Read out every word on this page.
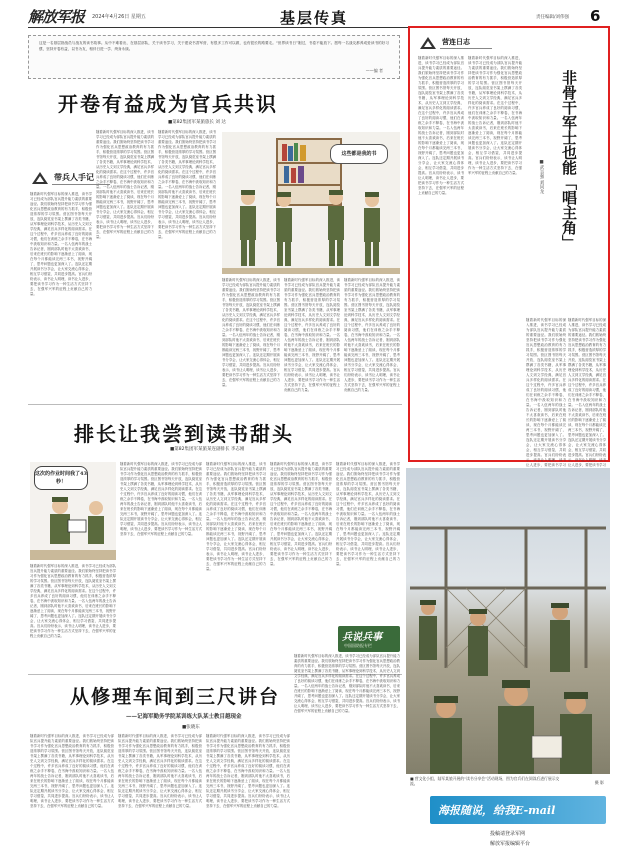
解放军报 2024年4月26日 星期五	基层传真	责任编辑/刘伟强 6
这是一名基层指战员与战友的读书故事。从中不难看出，在基层部队，关于读书学习，关于建设书香军营，有很多工作可以做，也有很长的路要走。“世界读书日”刚过，书卷不能放下。愿每一名战友都养成爱读书的好习惯，坚持开卷有益，以书为友，相伴日进一学、终身永续。
——编 者
开卷有益成为官兵共识
■第82集团军某旅旅长 刘 达
带兵人手记
随着新时代强军目标的深入推进，读书学习已经成为部队官兵提升能力素质的重要途径。我们旅始终坚持把读书学习作为强化官兵思想政治教育的有力抓手，积极营造浓厚的学习氛围。营区图书馆每天开放，连队阅览室书架上摆满了各类书籍，从军事理论到科学技术，从历史人文到文学经典，满足官兵多样化的阅读需求。在这个过程中，许多官兵养成了良好的阅读习惯，他们在训练之余手不释卷，在书海中汲取知识和力量。一名入伍两年的战士告诉记者，刚到部队时他不太喜欢读书，后来在班长的影响下逐渐爱上了阅读，现在每个月都能读完两三本书，视野开阔了，思考问题也更加深入了。连队还定期开展读书分享会，让大家交流心得体会，相互学习借鉴，共同进步提高。官兵们纷纷表示，读书让人明理，读书让人进步，要把读书学习作为一种生活方式坚持下去，在强军兴军的征程上贡献自己的力量。
随着新时代强军目标的深入推进，读书学习已经成为部队官兵提升能力素质的重要途径。我们旅始终坚持把读书学习作为强化官兵思想政治教育的有力抓手，积极营造浓厚的学习氛围。营区图书馆每天开放，连队阅览室书架上摆满了各类书籍，从军事理论到科学技术，从历史人文到文学经典，满足官兵多样化的阅读需求。在这个过程中，许多官兵养成了良好的阅读习惯，他们在训练之余手不释卷，在书海中汲取知识和力量。一名入伍两年的战士告诉记者，刚到部队时他不太喜欢读书，后来在班长的影响下逐渐爱上了阅读，现在每个月都能读完两三本书，视野开阔了，思考问题也更加深入了。连队还定期开展读书分享会，让大家交流心得体会，相互学习借鉴，共同进步提高。官兵们纷纷表示，读书让人明理，读书让人进步，要把读书学习作为一种生活方式坚持下去，在强军兴军的征程上贡献自己的力量。
随着新时代强军目标的深入推进，读书学习已经成为部队官兵提升能力素质的重要途径。我们旅始终坚持把读书学习作为强化官兵思想政治教育的有力抓手，积极营造浓厚的学习氛围。营区图书馆每天开放，连队阅览室书架上摆满了各类书籍，从军事理论到科学技术，从历史人文到文学经典，满足官兵多样化的阅读需求。在这个过程中，许多官兵养成了良好的阅读习惯，他们在训练之余手不释卷，在书海中汲取知识和力量。一名入伍两年的战士告诉记者，刚到部队时他不太喜欢读书，后来在班长的影响下逐渐爱上了阅读，现在每个月都能读完两三本书，视野开阔了，思考问题也更加深入了。连队还定期开展读书分享会，让大家交流心得体会，相互学习借鉴，共同进步提高。官兵们纷纷表示，读书让人明理，读书让人进步，要把读书学习作为一种生活方式坚持下去，在强军兴军的征程上贡献自己的力量。
随着新时代强军目标的深入推进，读书学习已经成为部队官兵提升能力素质的重要途径。我们旅始终坚持把读书学习作为强化官兵思想政治教育的有力抓手，积极营造浓厚的学习氛围。营区图书馆每天开放，连队阅览室书架上摆满了各类书籍，从军事理论到科学技术，从历史人文到文学经典，满足官兵多样化的阅读需求。在这个过程中，许多官兵养成了良好的阅读习惯，他们在训练之余手不释卷，在书海中汲取知识和力量。一名入伍两年的战士告诉记者，刚到部队时他不太喜欢读书，后来在班长的影响下逐渐爱上了阅读，现在每个月都能读完两三本书，视野开阔了，思考问题也更加深入了。连队还定期开展读书分享会，让大家交流心得体会，相互学习借鉴，共同进步提高。官兵们纷纷表示，读书让人明理，读书让人进步，要把读书学习作为一种生活方式坚持下去，在强军兴军的征程上贡献自己的力量。
随着新时代强军目标的深入推进，读书学习已经成为部队官兵提升能力素质的重要途径。我们旅始终坚持把读书学习作为强化官兵思想政治教育的有力抓手，积极营造浓厚的学习氛围。营区图书馆每天开放，连队阅览室书架上摆满了各类书籍，从军事理论到科学技术，从历史人文到文学经典，满足官兵多样化的阅读需求。在这个过程中，许多官兵养成了良好的阅读习惯，他们在训练之余手不释卷，在书海中汲取知识和力量。一名入伍两年的战士告诉记者，刚到部队时他不太喜欢读书，后来在班长的影响下逐渐爱上了阅读，现在每个月都能读完两三本书，视野开阔了，思考问题也更加深入了。连队还定期开展读书分享会，让大家交流心得体会，相互学习借鉴，共同进步提高。官兵们纷纷表示，读书让人明理，读书让人进步，要把读书学习作为一种生活方式坚持下去，在强军兴军的征程上贡献自己的力量。
随着新时代强军目标的深入推进，读书学习已经成为部队官兵提升能力素质的重要途径。我们旅始终坚持把读书学习作为强化官兵思想政治教育的有力抓手，积极营造浓厚的学习氛围。营区图书馆每天开放，连队阅览室书架上摆满了各类书籍，从军事理论到科学技术，从历史人文到文学经典，满足官兵多样化的阅读需求。在这个过程中，许多官兵养成了良好的阅读习惯，他们在训练之余手不释卷，在书海中汲取知识和力量。一名入伍两年的战士告诉记者，刚到部队时他不太喜欢读书，后来在班长的影响下逐渐爱上了阅读，现在每个月都能读完两三本书，视野开阔了，思考问题也更加深入了。连队还定期开展读书分享会，让大家交流心得体会，相互学习借鉴，共同进步提高。官兵们纷纷表示，读书让人明理，读书让人进步，要把读书学习作为一种生活方式坚持下去，在强军兴军的征程上贡献自己的力量。
这些都是我的书
排长让我尝到读书甜头
■第82集团军某旅某连副排长 李志刚
这次的作业时间我了43秒！
随着新时代强军目标的深入推进，读书学习已经成为部队官兵提升能力素质的重要途径。我们旅始终坚持把读书学习作为强化官兵思想政治教育的有力抓手，积极营造浓厚的学习氛围。营区图书馆每天开放，连队阅览室书架上摆满了各类书籍，从军事理论到科学技术，从历史人文到文学经典，满足官兵多样化的阅读需求。在这个过程中，许多官兵养成了良好的阅读习惯，他们在训练之余手不释卷，在书海中汲取知识和力量。一名入伍两年的战士告诉记者，刚到部队时他不太喜欢读书，后来在班长的影响下逐渐爱上了阅读，现在每个月都能读完两三本书，视野开阔了，思考问题也更加深入了。连队还定期开展读书分享会，让大家交流心得体会，相互学习借鉴，共同进步提高。官兵们纷纷表示，读书让人明理，读书让人进步，要把读书学习作为一种生活方式坚持下去，在强军兴军的征程上贡献自己的力量。
随着新时代强军目标的深入推进，读书学习已经成为部队官兵提升能力素质的重要途径。我们旅始终坚持把读书学习作为强化官兵思想政治教育的有力抓手，积极营造浓厚的学习氛围。营区图书馆每天开放，连队阅览室书架上摆满了各类书籍，从军事理论到科学技术，从历史人文到文学经典，满足官兵多样化的阅读需求。在这个过程中，许多官兵养成了良好的阅读习惯，他们在训练之余手不释卷，在书海中汲取知识和力量。一名入伍两年的战士告诉记者，刚到部队时他不太喜欢读书，后来在班长的影响下逐渐爱上了阅读，现在每个月都能读完两三本书，视野开阔了，思考问题也更加深入了。连队还定期开展读书分享会，让大家交流心得体会，相互学习借鉴，共同进步提高。官兵们纷纷表示，读书让人明理，读书让人进步，要把读书学习作为一种生活方式坚持下去，在强军兴军的征程上贡献自己的力量。
随着新时代强军目标的深入推进，读书学习已经成为部队官兵提升能力素质的重要途径。我们旅始终坚持把读书学习作为强化官兵思想政治教育的有力抓手，积极营造浓厚的学习氛围。营区图书馆每天开放，连队阅览室书架上摆满了各类书籍，从军事理论到科学技术，从历史人文到文学经典，满足官兵多样化的阅读需求。在这个过程中，许多官兵养成了良好的阅读习惯，他们在训练之余手不释卷，在书海中汲取知识和力量。一名入伍两年的战士告诉记者，刚到部队时他不太喜欢读书，后来在班长的影响下逐渐爱上了阅读，现在每个月都能读完两三本书，视野开阔了，思考问题也更加深入了。连队还定期开展读书分享会，让大家交流心得体会，相互学习借鉴，共同进步提高。官兵们纷纷表示，读书让人明理，读书让人进步，要把读书学习作为一种生活方式坚持下去，在强军兴军的征程上贡献自己的力量。
随着新时代强军目标的深入推进，读书学习已经成为部队官兵提升能力素质的重要途径。我们旅始终坚持把读书学习作为强化官兵思想政治教育的有力抓手，积极营造浓厚的学习氛围。营区图书馆每天开放，连队阅览室书架上摆满了各类书籍，从军事理论到科学技术，从历史人文到文学经典，满足官兵多样化的阅读需求。在这个过程中，许多官兵养成了良好的阅读习惯，他们在训练之余手不释卷，在书海中汲取知识和力量。一名入伍两年的战士告诉记者，刚到部队时他不太喜欢读书，后来在班长的影响下逐渐爱上了阅读，现在每个月都能读完两三本书，视野开阔了，思考问题也更加深入了。连队还定期开展读书分享会，让大家交流心得体会，相互学习借鉴，共同进步提高。官兵们纷纷表示，读书让人明理，读书让人进步，要把读书学习作为一种生活方式坚持下去，在强军兴军的征程上贡献自己的力量。
随着新时代强军目标的深入推进，读书学习已经成为部队官兵提升能力素质的重要途径。我们旅始终坚持把读书学习作为强化官兵思想政治教育的有力抓手，积极营造浓厚的学习氛围。营区图书馆每天开放，连队阅览室书架上摆满了各类书籍，从军事理论到科学技术，从历史人文到文学经典，满足官兵多样化的阅读需求。在这个过程中，许多官兵养成了良好的阅读习惯，他们在训练之余手不释卷，在书海中汲取知识和力量。一名入伍两年的战士告诉记者，刚到部队时他不太喜欢读书，后来在班长的影响下逐渐爱上了阅读，现在每个月都能读完两三本书，视野开阔了，思考问题也更加深入了。连队还定期开展读书分享会，让大家交流心得体会，相互学习借鉴，共同进步提高。官兵们纷纷表示，读书让人明理，读书让人进步，要把读书学习作为一种生活方式坚持下去，在强军兴军的征程上贡献自己的力量。
兵说兵事
中国国防报专栏
从修理车间到三尺讲台
——记海军勤务学院某训练大队某士教目越现金
■张晓东
随着新时代强军目标的深入推进，读书学习已经成为部队官兵提升能力素质的重要途径。我们旅始终坚持把读书学习作为强化官兵思想政治教育的有力抓手，积极营造浓厚的学习氛围。营区图书馆每天开放，连队阅览室书架上摆满了各类书籍，从军事理论到科学技术，从历史人文到文学经典，满足官兵多样化的阅读需求。在这个过程中，许多官兵养成了良好的阅读习惯，他们在训练之余手不释卷，在书海中汲取知识和力量。一名入伍两年的战士告诉记者，刚到部队时他不太喜欢读书，后来在班长的影响下逐渐爱上了阅读，现在每个月都能读完两三本书，视野开阔了，思考问题也更加深入了。连队还定期开展读书分享会，让大家交流心得体会，相互学习借鉴，共同进步提高。官兵们纷纷表示，读书让人明理，读书让人进步，要把读书学习作为一种生活方式坚持下去，在强军兴军的征程上贡献自己的力量。
随着新时代强军目标的深入推进，读书学习已经成为部队官兵提升能力素质的重要途径。我们旅始终坚持把读书学习作为强化官兵思想政治教育的有力抓手，积极营造浓厚的学习氛围。营区图书馆每天开放，连队阅览室书架上摆满了各类书籍，从军事理论到科学技术，从历史人文到文学经典，满足官兵多样化的阅读需求。在这个过程中，许多官兵养成了良好的阅读习惯，他们在训练之余手不释卷，在书海中汲取知识和力量。一名入伍两年的战士告诉记者，刚到部队时他不太喜欢读书，后来在班长的影响下逐渐爱上了阅读，现在每个月都能读完两三本书，视野开阔了，思考问题也更加深入了。连队还定期开展读书分享会，让大家交流心得体会，相互学习借鉴，共同进步提高。官兵们纷纷表示，读书让人明理，读书让人进步，要把读书学习作为一种生活方式坚持下去，在强军兴军的征程上贡献自己的力量。
随着新时代强军目标的深入推进，读书学习已经成为部队官兵提升能力素质的重要途径。我们旅始终坚持把读书学习作为强化官兵思想政治教育的有力抓手，积极营造浓厚的学习氛围。营区图书馆每天开放，连队阅览室书架上摆满了各类书籍，从军事理论到科学技术，从历史人文到文学经典，满足官兵多样化的阅读需求。在这个过程中，许多官兵养成了良好的阅读习惯，他们在训练之余手不释卷，在书海中汲取知识和力量。一名入伍两年的战士告诉记者，刚到部队时他不太喜欢读书，后来在班长的影响下逐渐爱上了阅读，现在每个月都能读完两三本书，视野开阔了，思考问题也更加深入了。连队还定期开展读书分享会，让大家交流心得体会，相互学习借鉴，共同进步提高。官兵们纷纷表示，读书让人明理，读书让人进步，要把读书学习作为一种生活方式坚持下去，在强军兴军的征程上贡献自己的力量。
随着新时代强军目标的深入推进，读书学习已经成为部队官兵提升能力素质的重要途径。我们旅始终坚持把读书学习作为强化官兵思想政治教育的有力抓手，积极营造浓厚的学习氛围。营区图书馆每天开放，连队阅览室书架上摆满了各类书籍，从军事理论到科学技术，从历史人文到文学经典，满足官兵多样化的阅读需求。在这个过程中，许多官兵养成了良好的阅读习惯，他们在训练之余手不释卷，在书海中汲取知识和力量。一名入伍两年的战士告诉记者，刚到部队时他不太喜欢读书，后来在班长的影响下逐渐爱上了阅读，现在每个月都能读完两三本书，视野开阔了，思考问题也更加深入了。连队还定期开展读书分享会，让大家交流心得体会，相互学习借鉴，共同进步提高。官兵们纷纷表示，读书让人明理，读书让人进步，要把读书学习作为一种生活方式坚持下去，在强军兴军的征程上贡献自己的力量。
营连日志
随着新时代强军目标的深入推进，读书学习已经成为部队官兵提升能力素质的重要途径。我们旅始终坚持把读书学习作为强化官兵思想政治教育的有力抓手，积极营造浓厚的学习氛围。营区图书馆每天开放，连队阅览室书架上摆满了各类书籍，从军事理论到科学技术，从历史人文到文学经典，满足官兵多样化的阅读需求。在这个过程中，许多官兵养成了良好的阅读习惯，他们在训练之余手不释卷，在书海中汲取知识和力量。一名入伍两年的战士告诉记者，刚到部队时他不太喜欢读书，后来在班长的影响下逐渐爱上了阅读，现在每个月都能读完两三本书，视野开阔了，思考问题也更加深入了。连队还定期开展读书分享会，让大家交流心得体会，相互学习借鉴，共同进步提高。官兵们纷纷表示，读书让人明理，读书让人进步，要把读书学习作为一种生活方式坚持下去，在强军兴军的征程上贡献自己的力量。
随着新时代强军目标的深入推进，读书学习已经成为部队官兵提升能力素质的重要途径。我们旅始终坚持把读书学习作为强化官兵思想政治教育的有力抓手，积极营造浓厚的学习氛围。营区图书馆每天开放，连队阅览室书架上摆满了各类书籍，从军事理论到科学技术，从历史人文到文学经典，满足官兵多样化的阅读需求。在这个过程中，许多官兵养成了良好的阅读习惯，他们在训练之余手不释卷，在书海中汲取知识和力量。一名入伍两年的战士告诉记者，刚到部队时他不太喜欢读书，后来在班长的影响下逐渐爱上了阅读，现在每个月都能读完两三本书，视野开阔了，思考问题也更加深入了。连队还定期开展读书分享会，让大家交流心得体会，相互学习借鉴，共同进步提高。官兵们纷纷表示，读书让人明理，读书让人进步，要把读书学习作为一种生活方式坚持下去，在强军兴军的征程上贡献自己的力量。	非骨干军士也能「唱主角」
■武志强 刘同龙
随着新时代强军目标的深入推进，读书学习已经成为部队官兵提升能力素质的重要途径。我们旅始终坚持把读书学习作为强化官兵思想政治教育的有力抓手，积极营造浓厚的学习氛围。营区图书馆每天开放，连队阅览室书架上摆满了各类书籍，从军事理论到科学技术，从历史人文到文学经典，满足官兵多样化的阅读需求。在这个过程中，许多官兵养成了良好的阅读习惯，他们在训练之余手不释卷，在书海中汲取知识和力量。一名入伍两年的战士告诉记者，刚到部队时他不太喜欢读书，后来在班长的影响下逐渐爱上了阅读，现在每个月都能读完两三本书，视野开阔了，思考问题也更加深入了。连队还定期开展读书分享会，让大家交流心得体会，相互学习借鉴，共同进步提高。官兵们纷纷表示，读书让人明理，读书让人进步，要把读书学习
随着新时代强军目标的深入推进，读书学习已经成为部队官兵提升能力素质的重要途径。我们旅始终坚持把读书学习作为强化官兵思想政治教育的有力抓手，积极营造浓厚的学习氛围。营区图书馆每天开放，连队阅览室书架上摆满了各类书籍，从军事理论到科学技术，从历史人文到文学经典，满足官兵多样化的阅读需求。在这个过程中，许多官兵养成了良好的阅读习惯，他们在训练之余手不释卷，在书海中汲取知识和力量。一名入伍两年的战士告诉记者，刚到部队时他不太喜欢读书，后来在班长的影响下逐渐爱上了阅读，现在每个月都能读完两三本书，视野开阔了，思考问题也更加深入了。连队还定期开展读书分享会，让大家交流心得体会，相互学习借鉴，共同进步提高。官兵们纷纷表示，读书让人明理，读书让人进步，要把读书学习
■ 营文化小组，陆军某旅开展的“读书分享会”活动现场，图为官兵们在阅读后进行展示交流。	摄 影
海报随说，给我E-mail
投稿请登录军网
解放军报编辑平台
